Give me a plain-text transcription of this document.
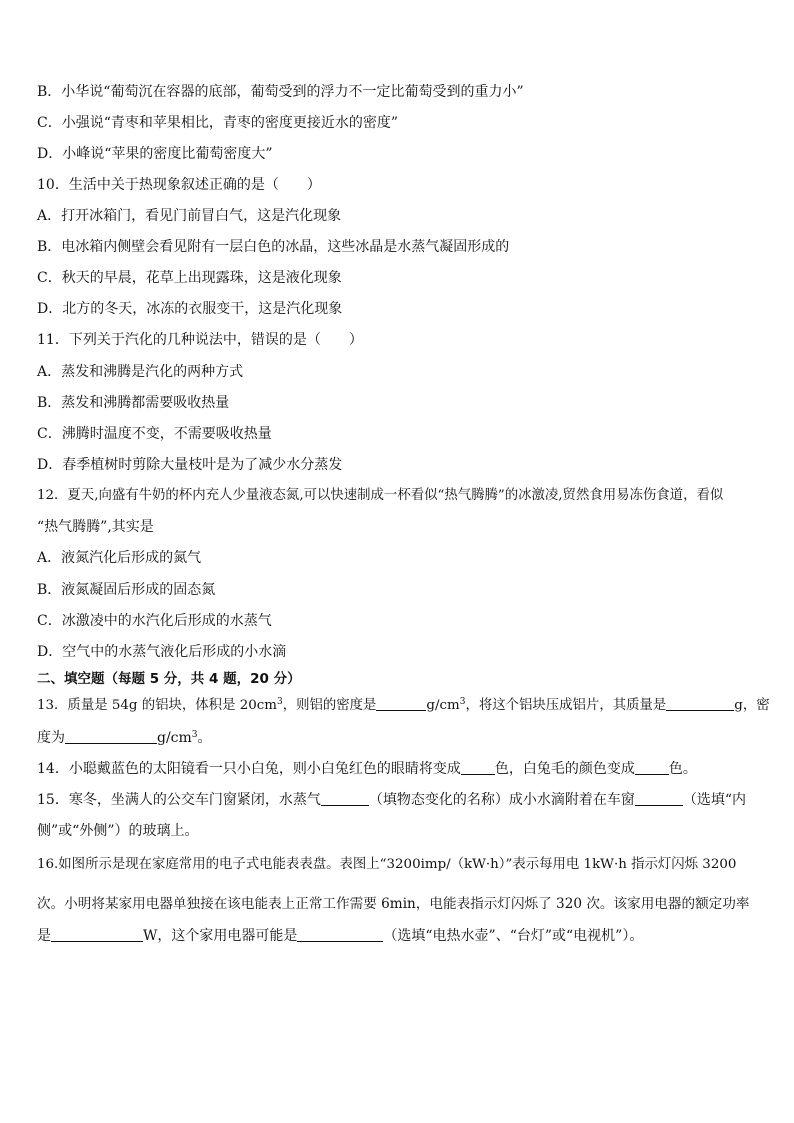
B．小华说“葡萄沉在容器的底部，葡萄受到的浮力不一定比葡萄受到的重力小”
C．小强说“青枣和苹果相比，青枣的密度更接近水的密度”
D．小峰说“苹果的密度比葡萄密度大”
10．生活中关于热现象叙述正确的是（　　）
A．打开冰箱门，看见门前冒白气，这是汽化现象
B．电冰箱内侧壁会看见附有一层白色的冰晶，这些冰晶是水蒸气凝固形成的
C．秋天的早晨，花草上出现露珠，这是液化现象
D．北方的冬天，冰冻的衣服变干，这是汽化现象
11．下列关于汽化的几种说法中，错误的是（　　）
A．蒸发和沸腾是汽化的两种方式
B．蒸发和沸腾都需要吸收热量
C．沸腾时温度不变，不需要吸收热量
D．春季植树时剪除大量枝叶是为了减少水分蒸发
12．夏天,向盛有牛奶的杯内充人少量液态氮,可以快速制成一杯看似“热气腾腾”的冰激凌,贸然食用易冻伤食道，看似
“热气腾腾”,其实是
A．液氮汽化后形成的氮气
B．液氮凝固后形成的固态氮
C．冰激凌中的水汽化后形成的水蒸气
D．空气中的水蒸气液化后形成的小水滴
二、填空题（每题 5 分，共 4 题，20 分）
13．质量是 54g 的铝块，体积是 $20cm^3$，则铝的密度是	$g/cm^3$，将这个铝块压成铝片，其质量是	g，密
度为	$g/cm^3$。
14．小聪戴蓝色的太阳镜看一只小白兔，则小白兔红色的眼睛将变成 色，白兔毛的颜色变成 色。
15．寒冬，坐满人的公交车门窗紧闭，水蒸气	（填物态变化的名称）成小水滴附着在车窗	（选填“内
侧”或“外侧”）的玻璃上。
16.如图所示是现在家庭常用的电子式电能表表盘。表图上“3200imp/（kW·h）”表示每用电 1kW·h 指示灯闪烁 3200
次。小明将某家用电器单独接在该电能表上正常工作需要 6min，电能表指示灯闪烁了 320 次。该家用电器的额定功率
是	W，这个家用电器可能是	（选填“电热水壶”、“台灯”或“电视机”）。
